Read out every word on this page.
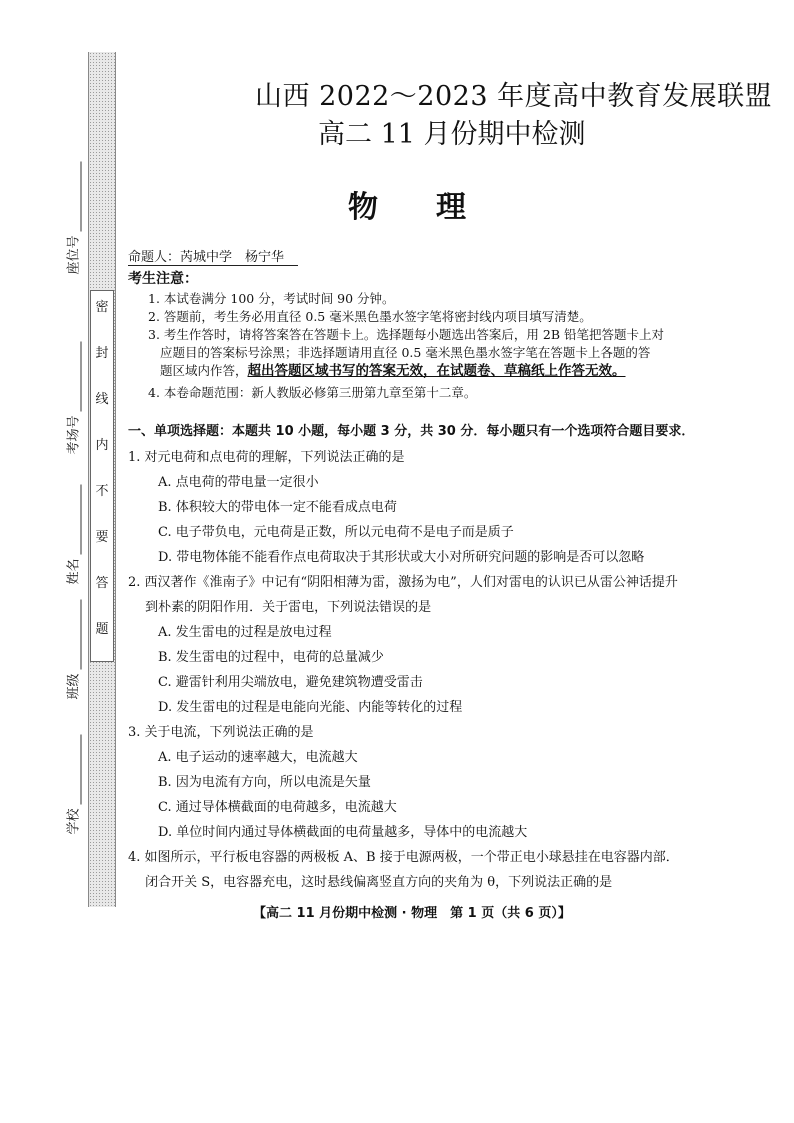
密
封
线
内
不
要
答
题
座位号
考场号
姓名
班级
学校
山西 2022～2023 年度高中教育发展联盟
高二 11 月份期中检测
物理
命题人：芮城中学　杨宁华
考生注意：
1. 本试卷满分 100 分，考试时间 90 分钟。
2. 答题前，考生务必用直径 0.5 毫米黑色墨水签字笔将密封线内项目填写清楚。
3. 考生作答时，请将答案答在答题卡上。选择题每小题选出答案后，用 2B 铅笔把答题卡上对
应题目的答案标号涂黑；非选择题请用直径 0.5 毫米黑色墨水签字笔在答题卡上各题的答
题区域内作答，超出答题区域书写的答案无效，在试题卷、草稿纸上作答无效。
4. 本卷命题范围：新人教版必修第三册第九章至第十二章。
一、单项选择题：本题共 10 小题，每小题 3 分，共 30 分．每小题只有一个选项符合题目要求．
1. 对元电荷和点电荷的理解，下列说法正确的是
A. 点电荷的带电量一定很小
B. 体积较大的带电体一定不能看成点电荷
C. 电子带负电，元电荷是正数，所以元电荷不是电子而是质子
D. 带电物体能不能看作点电荷取决于其形状或大小对所研究问题的影响是否可以忽略
2. 西汉著作《淮南子》中记有“阴阳相薄为雷，激扬为电”，人们对雷电的认识已从雷公神话提升
　 到朴素的阴阳作用．关于雷电，下列说法错误的是
A. 发生雷电的过程是放电过程
B. 发生雷电的过程中，电荷的总量减少
C. 避雷针利用尖端放电，避免建筑物遭受雷击
D. 发生雷电的过程是电能向光能、内能等转化的过程
3. 关于电流，下列说法正确的是
A. 电子运动的速率越大，电流越大
B. 因为电流有方向，所以电流是矢量
C. 通过导体横截面的电荷越多，电流越大
D. 单位时间内通过导体横截面的电荷量越多，导体中的电流越大
4. 如图所示，平行板电容器的两极板 A、B 接于电源两极，一个带正电小球悬挂在电容器内部．
　 闭合开关 S，电容器充电，这时悬线偏离竖直方向的夹角为 θ，下列说法正确的是
【高二 11 月份期中检测 · 物理　第 1 页（共 6 页）】
